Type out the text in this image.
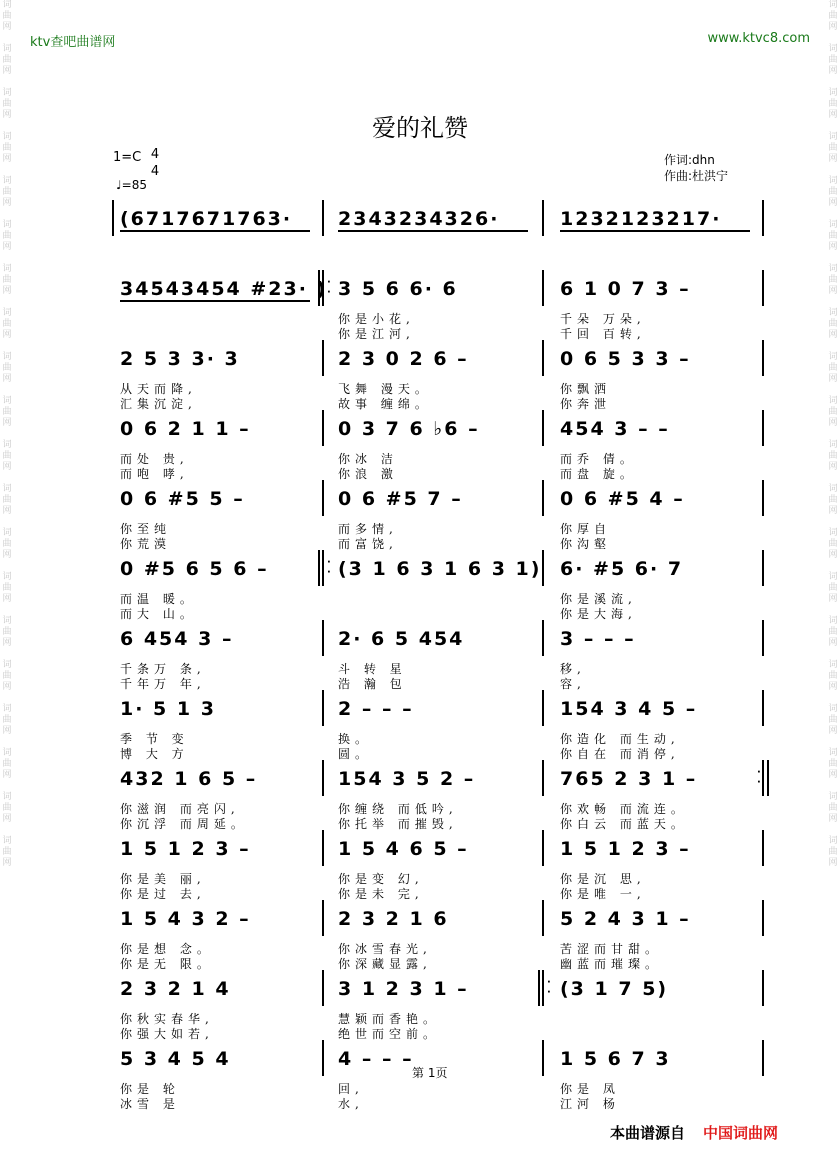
词
曲
网

词
曲
网

词
曲
网

词
曲
网

词
曲
网

词
曲
网

词
曲
网

词
曲
网

词
曲
网

词
曲
网

词
曲
网

词
曲
网

词
曲
网

词
曲
网

词
曲
网

词
曲
网

词
曲
网

词
曲
网

词
曲
网

词
曲
网

词
曲
网

词
曲
网

词
曲
网

词
曲
网

词
曲
网

词
曲
网

词
曲
网

词
曲
网

词
曲
网

词
曲
网

词
曲
网

词
曲
网

词
曲
网

词
曲
网

词
曲
网

词
曲
网

词
曲
网

词
曲
网

词
曲
网

词
曲
网

ktv查吧曲谱网	www.ktvc8.com
爱的礼赞
1=C 4
4
♩=85
作词:dhn
作曲:杜洪宁
(6717671763· 2343234326·	1232123217·
·
·
34543454 #23· ) 3 5 6 6· 6
你是小花,
你是江河,
6 1 0 7 3 –
千朵 万朵,
千回 百转,
2 5 3 3· 3
从天而降,
汇集沉淀,
2 3 0 2 6 –
飞舞 漫天。
故事 缠绵。
0 6 5 3 3 –
你飘洒
你奔泄
0 6 2 1 1 –
而处 贵,
而咆 哮,
0 3 7 6 ♭6 –
你冰 洁
你浪 激
454 3 – –
而乔 倩。
而盘 旋。
0 6 #5 5 –
你至纯
你荒漠
0 6 #5 7 –
而多情,
而富饶,
0 6 #5 4 –
你厚自
你沟壑
·
·
0 #5 6 5 6 –
而温 暖。
而大 山。
(3 1 6 3 1 6 3 1) 6· #5 6· 7
你是溪流,
你是大海,
6 454 3 –
千条万 条,
千年万 年,
2· 6 5 454
斗 转 星
浩 瀚 包
3 – – –
移,
容,
1· 5 1 3
季 节 变
博 大 方
2 – – –
换。
圆。
154 3 4 5 –
你造化 而生动,
你自在 而消停,
·
·
432 1 6 5 –
你滋润 而亮闪,
你沉浮 而周延。
154 3 5 2 –
你缠绕 而低吟,
你托举 而摧毁,
765 2 3 1 –
你欢畅 而流连。
你白云 而蓝天。
1 5 1 2 3 –
你是美 丽,
你是过 去,
1 5 4 6 5 –
你是变 幻,
你是未 完,
1 5 1 2 3 –
你是沉 思,
你是唯 一,
1 5 4 3 2 –
你是想 念。
你是无 限。
2 3 2 1 6
你冰雪春光,
你深藏显露,
5 2 4 3 1 –
苦涩而甘甜。
幽蓝而璀璨。
·
·
2 3 2 1 4
你秋实春华,
你强大如若,
3 1 2 3 1 –
慧颖而香艳。
绝世而空前。
(3 1 7 5)
5 3 4 5 4
你是 轮
冰雪 是
4 – – –
回,
水,
1 5 6 7 3
你是 凤
江河 杨
第 1页
本曲谱源自 中国词曲网
